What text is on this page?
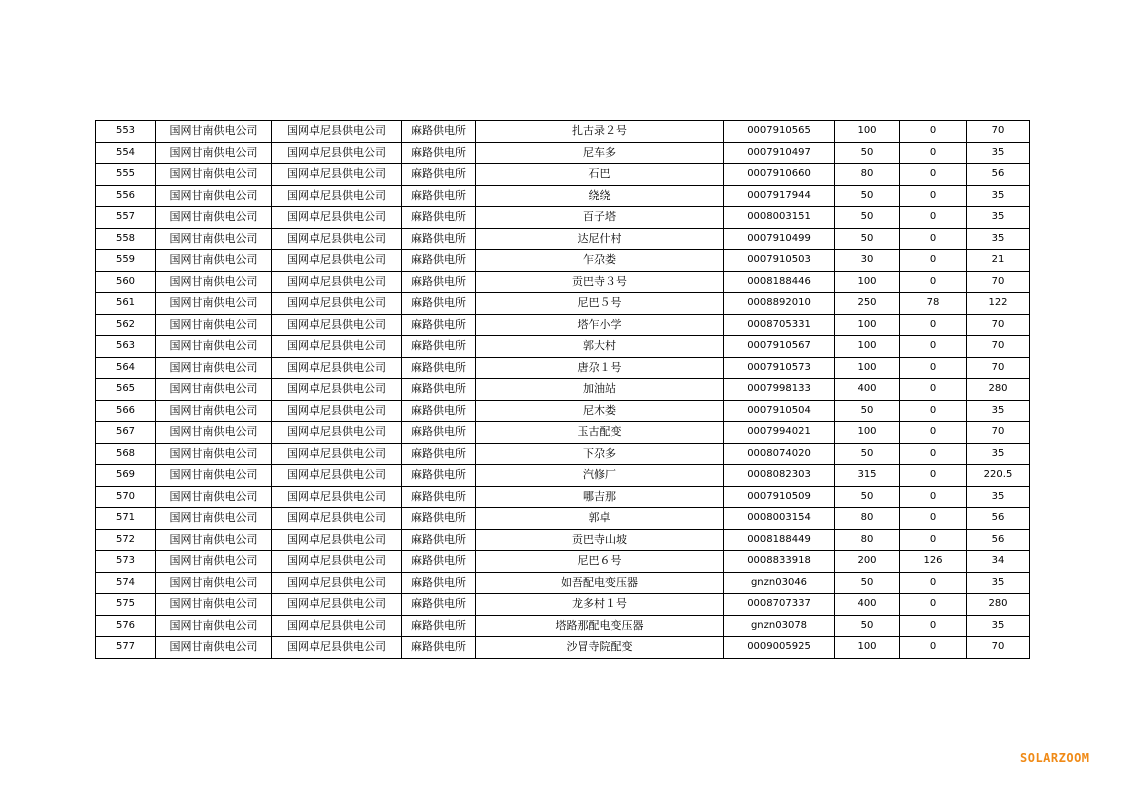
553	国网甘南供电公司	国网卓尼县供电公司	麻路供电所	扎古录２号	0007910565	100	0	70
554	国网甘南供电公司	国网卓尼县供电公司	麻路供电所	尼车多	0007910497	50	0	35
555	国网甘南供电公司	国网卓尼县供电公司	麻路供电所	石巴	0007910660	80	0	56
556	国网甘南供电公司	国网卓尼县供电公司	麻路供电所	绕绕	0007917944	50	0	35
557	国网甘南供电公司	国网卓尼县供电公司	麻路供电所	百子塔	0008003151	50	0	35
558	国网甘南供电公司	国网卓尼县供电公司	麻路供电所	达尼什村	0007910499	50	0	35
559	国网甘南供电公司	国网卓尼县供电公司	麻路供电所	乍尕娄	0007910503	30	0	21
560	国网甘南供电公司	国网卓尼县供电公司	麻路供电所	贡巴寺３号	0008188446	100	0	70
561	国网甘南供电公司	国网卓尼县供电公司	麻路供电所	尼巴５号	0008892010	250	78	122
562	国网甘南供电公司	国网卓尼县供电公司	麻路供电所	塔乍小学	0008705331	100	0	70
563	国网甘南供电公司	国网卓尼县供电公司	麻路供电所	郭大村	0007910567	100	0	70
564	国网甘南供电公司	国网卓尼县供电公司	麻路供电所	唐尕１号	0007910573	100	0	70
565	国网甘南供电公司	国网卓尼县供电公司	麻路供电所	加油站	0007998133	400	0	280
566	国网甘南供电公司	国网卓尼县供电公司	麻路供电所	尼木娄	0007910504	50	0	35
567	国网甘南供电公司	国网卓尼县供电公司	麻路供电所	玉古配变	0007994021	100	0	70
568	国网甘南供电公司	国网卓尼县供电公司	麻路供电所	下尕多	0008074020	50	0	35
569	国网甘南供电公司	国网卓尼县供电公司	麻路供电所	汽修厂	0008082303	315	0	220.5
570	国网甘南供电公司	国网卓尼县供电公司	麻路供电所	哪吉那	0007910509	50	0	35
571	国网甘南供电公司	国网卓尼县供电公司	麻路供电所	郭卓	0008003154	80	0	56
572	国网甘南供电公司	国网卓尼县供电公司	麻路供电所	贡巴寺山坡	0008188449	80	0	56
573	国网甘南供电公司	国网卓尼县供电公司	麻路供电所	尼巴６号	0008833918	200	126	34
574	国网甘南供电公司	国网卓尼县供电公司	麻路供电所	如吾配电变压器	gnzn03046	50	0	35
575	国网甘南供电公司	国网卓尼县供电公司	麻路供电所	龙多村１号	0008707337	400	0	280
576	国网甘南供电公司	国网卓尼县供电公司	麻路供电所	塔路那配电变压器	gnzn03078	50	0	35
577	国网甘南供电公司	国网卓尼县供电公司	麻路供电所	沙冒寺院配变	0009005925	100	0	70
SOLARZOOM
